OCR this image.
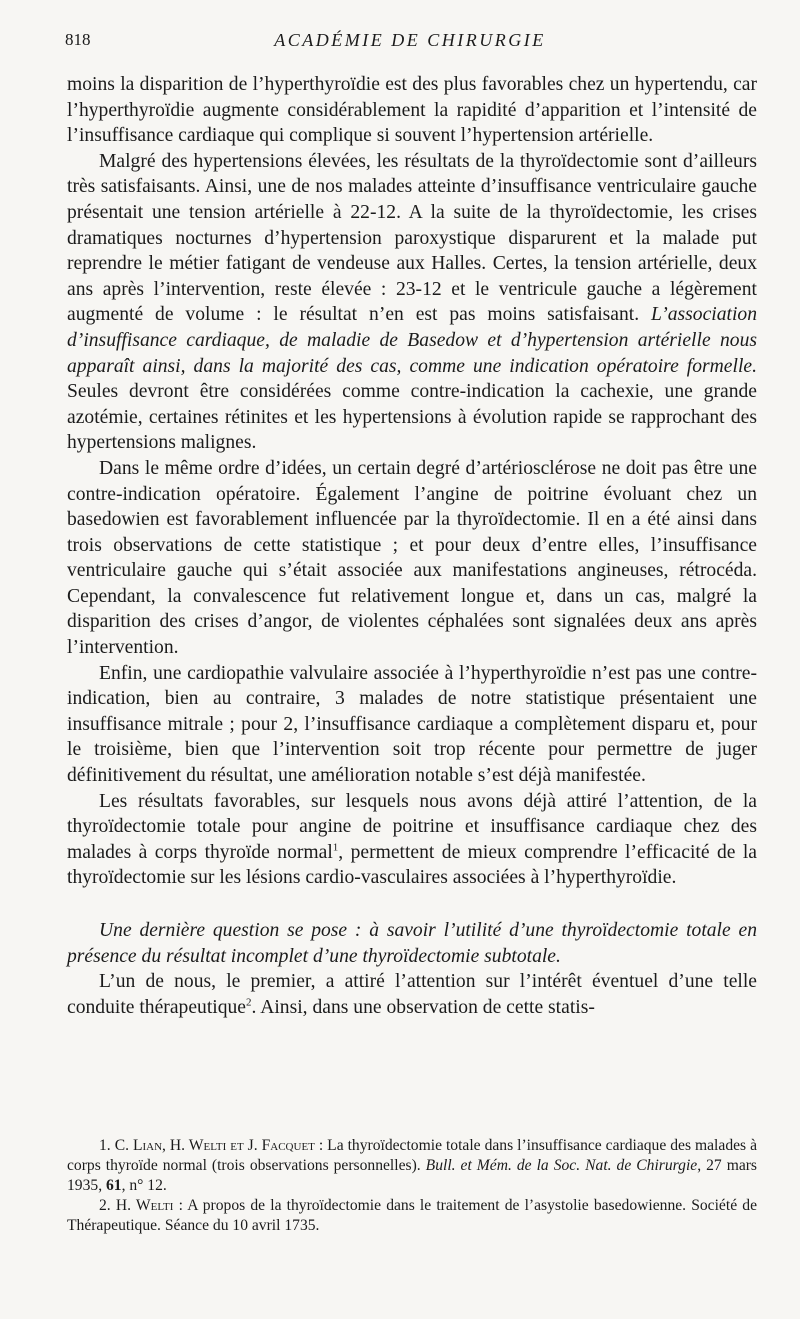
818	ACADÉMIE DE CHIRURGIE

moins la disparition de l’hyperthyroïdie est des plus favorables chez un hypertendu, car l’hyperthyroïdie augmente considérablement la rapidité d’apparition et l’intensité de l’insuffisance cardiaque qui complique si souvent l’hypertension artérielle.

Malgré des hypertensions élevées, les résultats de la thyroïdectomie sont d’ailleurs très satisfaisants. Ainsi, une de nos malades atteinte d’insuffisance ventriculaire gauche présentait une tension artérielle à 22-12. A la suite de la thyroïdectomie, les crises dramatiques nocturnes d’hypertension paroxystique disparurent et la malade put reprendre le métier fatigant de vendeuse aux Halles. Certes, la tension artérielle, deux ans après l’intervention, reste élevée : 23-12 et le ventricule gauche a légèrement augmenté de volume : le résultat n’en est pas moins satisfaisant. L’association d’insuffisance cardiaque, de maladie de Basedow et d’hypertension artérielle nous apparaît ainsi, dans la majorité des cas, comme une indication opératoire formelle. Seules devront être considérées comme contre-indication la cachexie, une grande azotémie, certaines rétinites et les hypertensions à évolution rapide se rapprochant des hypertensions malignes.

Dans le même ordre d’idées, un certain degré d’artériosclérose ne doit pas être une contre-indication opératoire. Également l’angine de poitrine évoluant chez un basedowien est favorablement influencée par la thyroïdectomie. Il en a été ainsi dans trois observations de cette statistique ; et pour deux d’entre elles, l’insuffisance ventriculaire gauche qui s’était associée aux manifestations angineuses, rétrocéda. Cependant, la convalescence fut relativement longue et, dans un cas, malgré la disparition des crises d’angor, de violentes céphalées sont signalées deux ans après l’intervention.

Enfin, une cardiopathie valvulaire associée à l’hyperthyroïdie n’est pas une contre-indication, bien au contraire, 3 malades de notre statistique présentaient une insuffisance mitrale ; pour 2, l’insuffisance cardiaque a complètement disparu et, pour le troisième, bien que l’intervention soit trop récente pour permettre de juger définitivement du résultat, une amélioration notable s’est déjà manifestée.

Les résultats favorables, sur lesquels nous avons déjà attiré l’attention, de la thyroïdectomie totale pour angine de poitrine et insuffisance cardiaque chez des malades à corps thyroïde normal$^1$, permettent de mieux comprendre l’efficacité de la thyroïdectomie sur les lésions cardio-vasculaires associées à l’hyperthyroïdie.

Une dernière question se pose : à savoir l’utilité d’une thyroïdectomie totale en présence du résultat incomplet d’une thyroïdectomie subtotale.

L’un de nous, le premier, a attiré l’attention sur l’intérêt éventuel d’une telle conduite thérapeutique$^2$. Ainsi, dans une observation de cette statis-

1. C. Lian, H. Welti et J. Facquet : La thyroïdectomie totale dans l’insuffisance cardiaque des malades à corps thyroïde normal (trois observations personnelles). Bull. et Mém. de la Soc. Nat. de Chirurgie, 27 mars 1935, 61, n° 12.

2. H. Welti : A propos de la thyroïdectomie dans le traitement de l’asystolie basedowienne. Société de Thérapeutique. Séance du 10 avril 1735.
